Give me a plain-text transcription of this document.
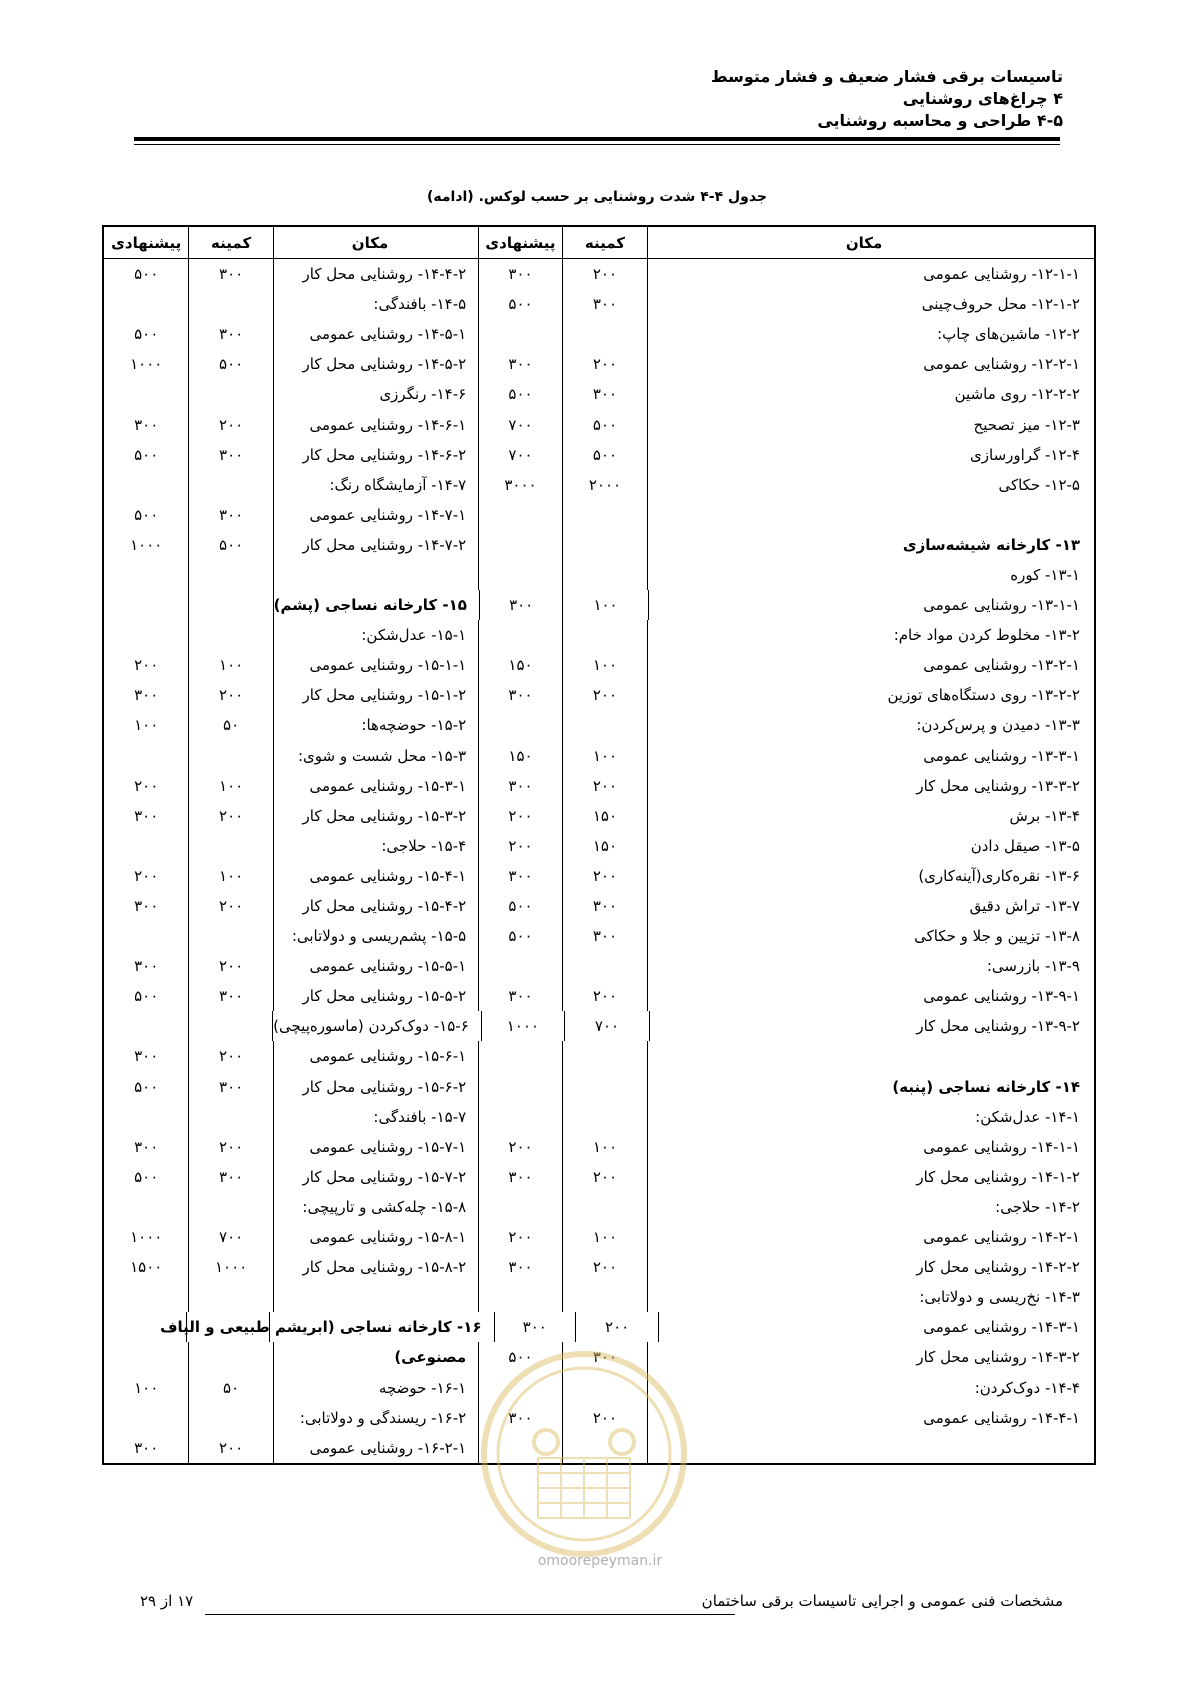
تاسیسات برقی فشار ضعیف و فشار متوسط
۴ چراغ‌های روشنایی
۴-۵ طراحی و محاسبه روشنایی
جدول ۴-۴ شدت روشنایی بر حسب لوکس. (ادامه)
مکان
کمینه
پیشنهادی
مکان
کمینه
پیشنهادی
۱۲-۱-۱- روشنایی عمومی
۲۰۰
۳۰۰
۱۴-۴-۲- روشنایی محل کار
۳۰۰
۵۰۰
۱۲-۱-۲- محل حروف‌چینی
۳۰۰
۵۰۰
۱۴-۵- بافندگی:
۱۲-۲- ماشین‌های چاپ:
۱۴-۵-۱- روشنایی عمومی
۳۰۰
۵۰۰
۱۲-۲-۱- روشنایی عمومی
۲۰۰
۳۰۰
۱۴-۵-۲- روشنایی محل کار
۵۰۰
۱۰۰۰
۱۲-۲-۲- روی ماشین
۳۰۰
۵۰۰
۱۴-۶- رنگرزی
۱۲-۳- میز تصحیح
۵۰۰
۷۰۰
۱۴-۶-۱- روشنایی عمومی
۲۰۰
۳۰۰
۱۲-۴- گراورسازی
۵۰۰
۷۰۰
۱۴-۶-۲- روشنایی محل کار
۳۰۰
۵۰۰
۱۲-۵- حکاکی
۲۰۰۰
۳۰۰۰
۱۴-۷- آزمایشگاه رنگ:
۱۴-۷-۱- روشنایی عمومی
۳۰۰
۵۰۰
۱۳- کارخانه شیشه‌سازی
۱۴-۷-۲- روشنایی محل کار
۵۰۰
۱۰۰۰
۱۳-۱- کوره
۱۳-۱-۱- روشنایی عمومی
۱۰۰
۳۰۰
۱۵- کارخانه نساجی (پشم)
۱۳-۲- مخلوط کردن مواد خام:
۱۵-۱- عدل‌شکن:
۱۳-۲-۱- روشنایی عمومی
۱۰۰
۱۵۰
۱۵-۱-۱- روشنایی عمومی
۱۰۰
۲۰۰
۱۳-۲-۲- روی دستگاه‌های توزین
۲۰۰
۳۰۰
۱۵-۱-۲- روشنایی محل کار
۲۰۰
۳۰۰
۱۳-۳- دمیدن و پرس‌کردن:
۱۵-۲- حوضچه‌ها:
۵۰
۱۰۰
۱۳-۳-۱- روشنایی عمومی
۱۰۰
۱۵۰
۱۵-۳- محل شست و شوی:
۱۳-۳-۲- روشنایی محل کار
۲۰۰
۳۰۰
۱۵-۳-۱- روشنایی عمومی
۱۰۰
۲۰۰
۱۳-۴- برش
۱۵۰
۲۰۰
۱۵-۳-۲- روشنایی محل کار
۲۰۰
۳۰۰
۱۳-۵- صیقل دادن
۱۵۰
۲۰۰
۱۵-۴- حلاجی:
۱۳-۶- نقره‌کاری(آینه‌کاری)
۲۰۰
۳۰۰
۱۵-۴-۱- روشنایی عمومی
۱۰۰
۲۰۰
۱۳-۷- تراش دقیق
۳۰۰
۵۰۰
۱۵-۴-۲- روشنایی محل کار
۲۰۰
۳۰۰
۱۳-۸- تزیین و جلا و حکاکی
۳۰۰
۵۰۰
۱۵-۵- پشم‌ریسی و دولاتابی:
۱۳-۹- بازرسی:
۱۵-۵-۱- روشنایی عمومی
۲۰۰
۳۰۰
۱۳-۹-۱- روشنایی عمومی
۲۰۰
۳۰۰
۱۵-۵-۲- روشنایی محل کار
۳۰۰
۵۰۰
۱۳-۹-۲- روشنایی محل کار
۷۰۰
۱۰۰۰
۱۵-۶- دوک‌کردن (ماسوره‌پیچی)
۱۵-۶-۱- روشنایی عمومی
۲۰۰
۳۰۰
۱۴- کارخانه نساجی (پنبه)
۱۵-۶-۲- روشنایی محل کار
۳۰۰
۵۰۰
۱۴-۱- عدل‌شکن:
۱۵-۷- بافندگی:
۱۴-۱-۱- روشنایی عمومی
۱۰۰
۲۰۰
۱۵-۷-۱- روشنایی عمومی
۲۰۰
۳۰۰
۱۴-۱-۲- روشنایی محل کار
۲۰۰
۳۰۰
۱۵-۷-۲- روشنایی محل کار
۳۰۰
۵۰۰
۱۴-۲- حلاجی:
۱۵-۸- چله‌کشی و تارپیچی:
۱۴-۲-۱- روشنایی عمومی
۱۰۰
۲۰۰
۱۵-۸-۱- روشنایی عمومی
۷۰۰
۱۰۰۰
۱۴-۲-۲- روشنایی محل کار
۲۰۰
۳۰۰
۱۵-۸-۲- روشنایی محل کار
۱۰۰۰
۱۵۰۰
۱۴-۳- نخ‌ریسی و دولاتابی:
۱۴-۳-۱- روشنایی عمومی
۲۰۰
۳۰۰
۱۶- کارخانه نساجی (ابریشم طبیعی و الیاف
۱۴-۳-۲- روشنایی محل کار
۳۰۰
۵۰۰
مصنوعی)
۱۴-۴- دوک‌کردن:
۱۶-۱- حوضچه
۵۰
۱۰۰
۱۴-۴-۱- روشنایی عمومی
۲۰۰
۳۰۰
۱۶-۲- ریسندگی و دولاتابی:
۱۶-۲-۱- روشنایی عمومی
۲۰۰
۳۰۰
omoorepeyman.ir
مشخصات فنی عمومی و اجرایی تاسیسات برقی ساختمان
۱۷ از ۲۹
